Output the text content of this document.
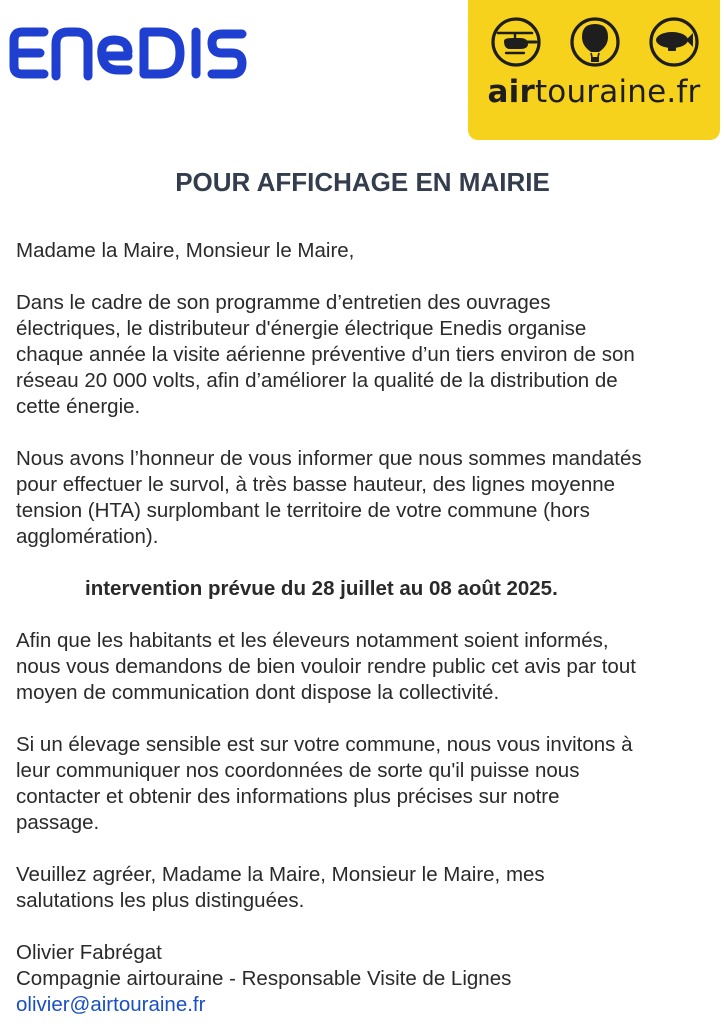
airtouraine.fr
POUR AFFICHAGE EN MAIRIE

Madame la Maire, Monsieur le Maire,

Dans le cadre de son programme d’entretien des ouvrages
électriques, le distributeur d'énergie électrique Enedis organise
chaque année la visite aérienne préventive d’un tiers environ de son
réseau 20 000 volts, afin d’améliorer la qualité de la distribution de
cette énergie.

Nous avons l’honneur de vous informer que nous sommes mandatés
pour effectuer le survol, à très basse hauteur, des lignes moyenne
tension (HTA) surplombant le territoire de votre commune (hors
agglomération).

intervention prévue du 28 juillet au 08 août 2025.

Afin que les habitants et les éleveurs notamment soient informés,
nous vous demandons de bien vouloir rendre public cet avis par tout
moyen de communication dont dispose la collectivité.

Si un élevage sensible est sur votre commune, nous vous invitons à
leur communiquer nos coordonnées de sorte qu'il puisse nous
contacter et obtenir des informations plus précises sur notre
passage.

Veuillez agréer, Madame la Maire, Monsieur le Maire, mes
salutations les plus distinguées.

Olivier Fabrégat
Compagnie airtouraine - Responsable Visite de Lignes
olivier@airtouraine.fr
